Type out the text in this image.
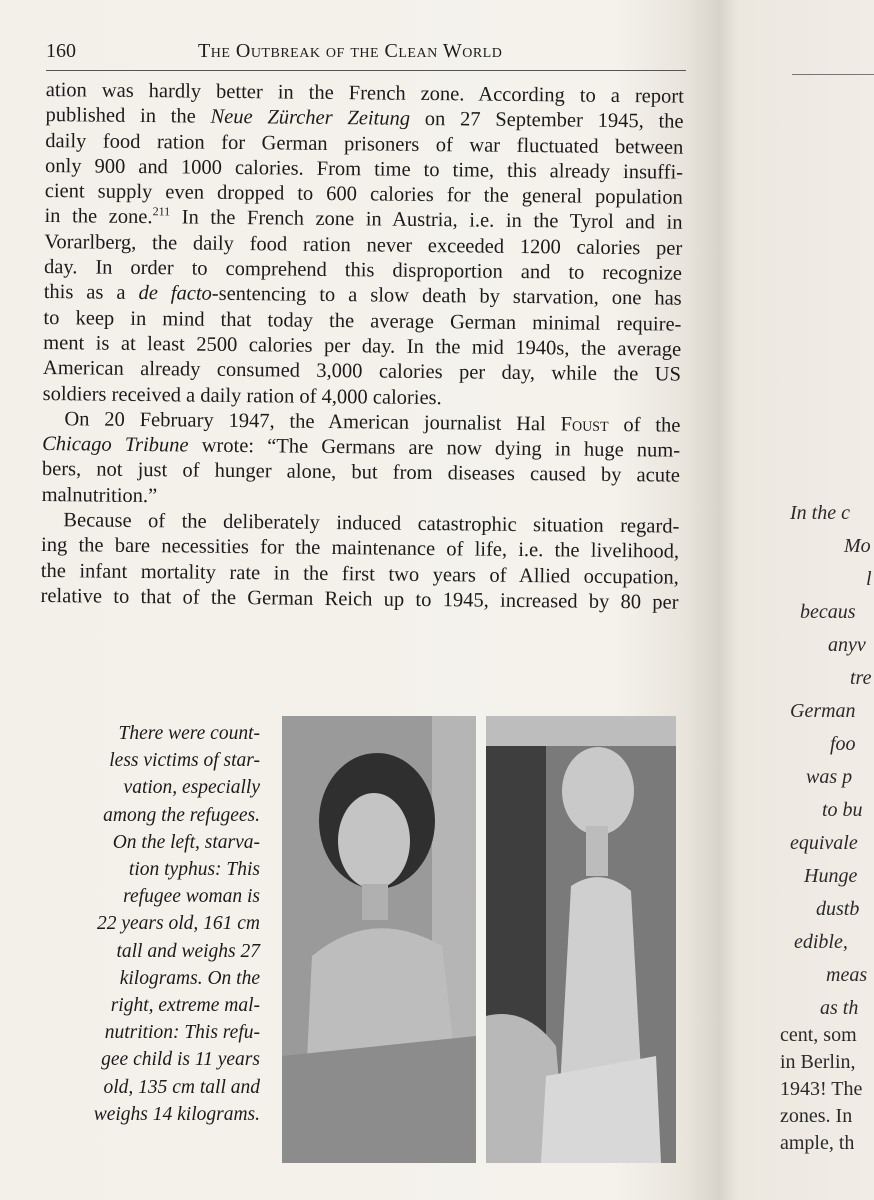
160	The Outbreak of the Clean World

ation was hardly better in the French zone. According to a report
published in the Neue Zürcher Zeitung on 27 September 1945, the
daily food ration for German prisoners of war fluctuated between
only 900 and 1000 calories. From time to time, this already insuffi-
cient supply even dropped to 600 calories for the general population
in the zone.$^{211}$ In the French zone in Austria, i.e. in the Tyrol and in
Vorarlberg, the daily food ration never exceeded 1200 calories per
day. In order to comprehend this disproportion and to recognize
this as a de facto-sentencing to a slow death by starvation, one has
to keep in mind that today the average German minimal require-
ment is at least 2500 calories per day. In the mid 1940s, the average
American already consumed 3,000 calories per day, while the US
soldiers received a daily ration of 4,000 calories.

On 20 February 1947, the American journalist Hal Foust of the

Chicago Tribune wrote: “The Germans are now dying in huge num-
bers, not just of hunger alone, but from diseases caused by acute
malnutrition.”

Because of the deliberately induced catastrophic situation regard-

ing the bare necessities for the maintenance of life, i.e. the livelihood,
the infant mortality rate in the first two years of Allied occupation,
relative to that of the German Reich up to 1945, increased by 80 per

There were count-
less victims of star-
vation, especially
among the refugees.
On the left, starva-
tion typhus: This
refugee woman is
22 years old, 161 cm
tall and weighs 27
kilograms. On the
right, extreme mal-
nutrition: This refu-
gee child is 11 years
old, 135 cm tall and
weighs 14 kilograms.
In the c
Mo
l
becaus
anyv
tre
German
foo
was p
to bu
equivale
Hunge
dustb
edible,
meas
as th
cent, som
in Berlin,
1943! The
zones. In
ample, th
